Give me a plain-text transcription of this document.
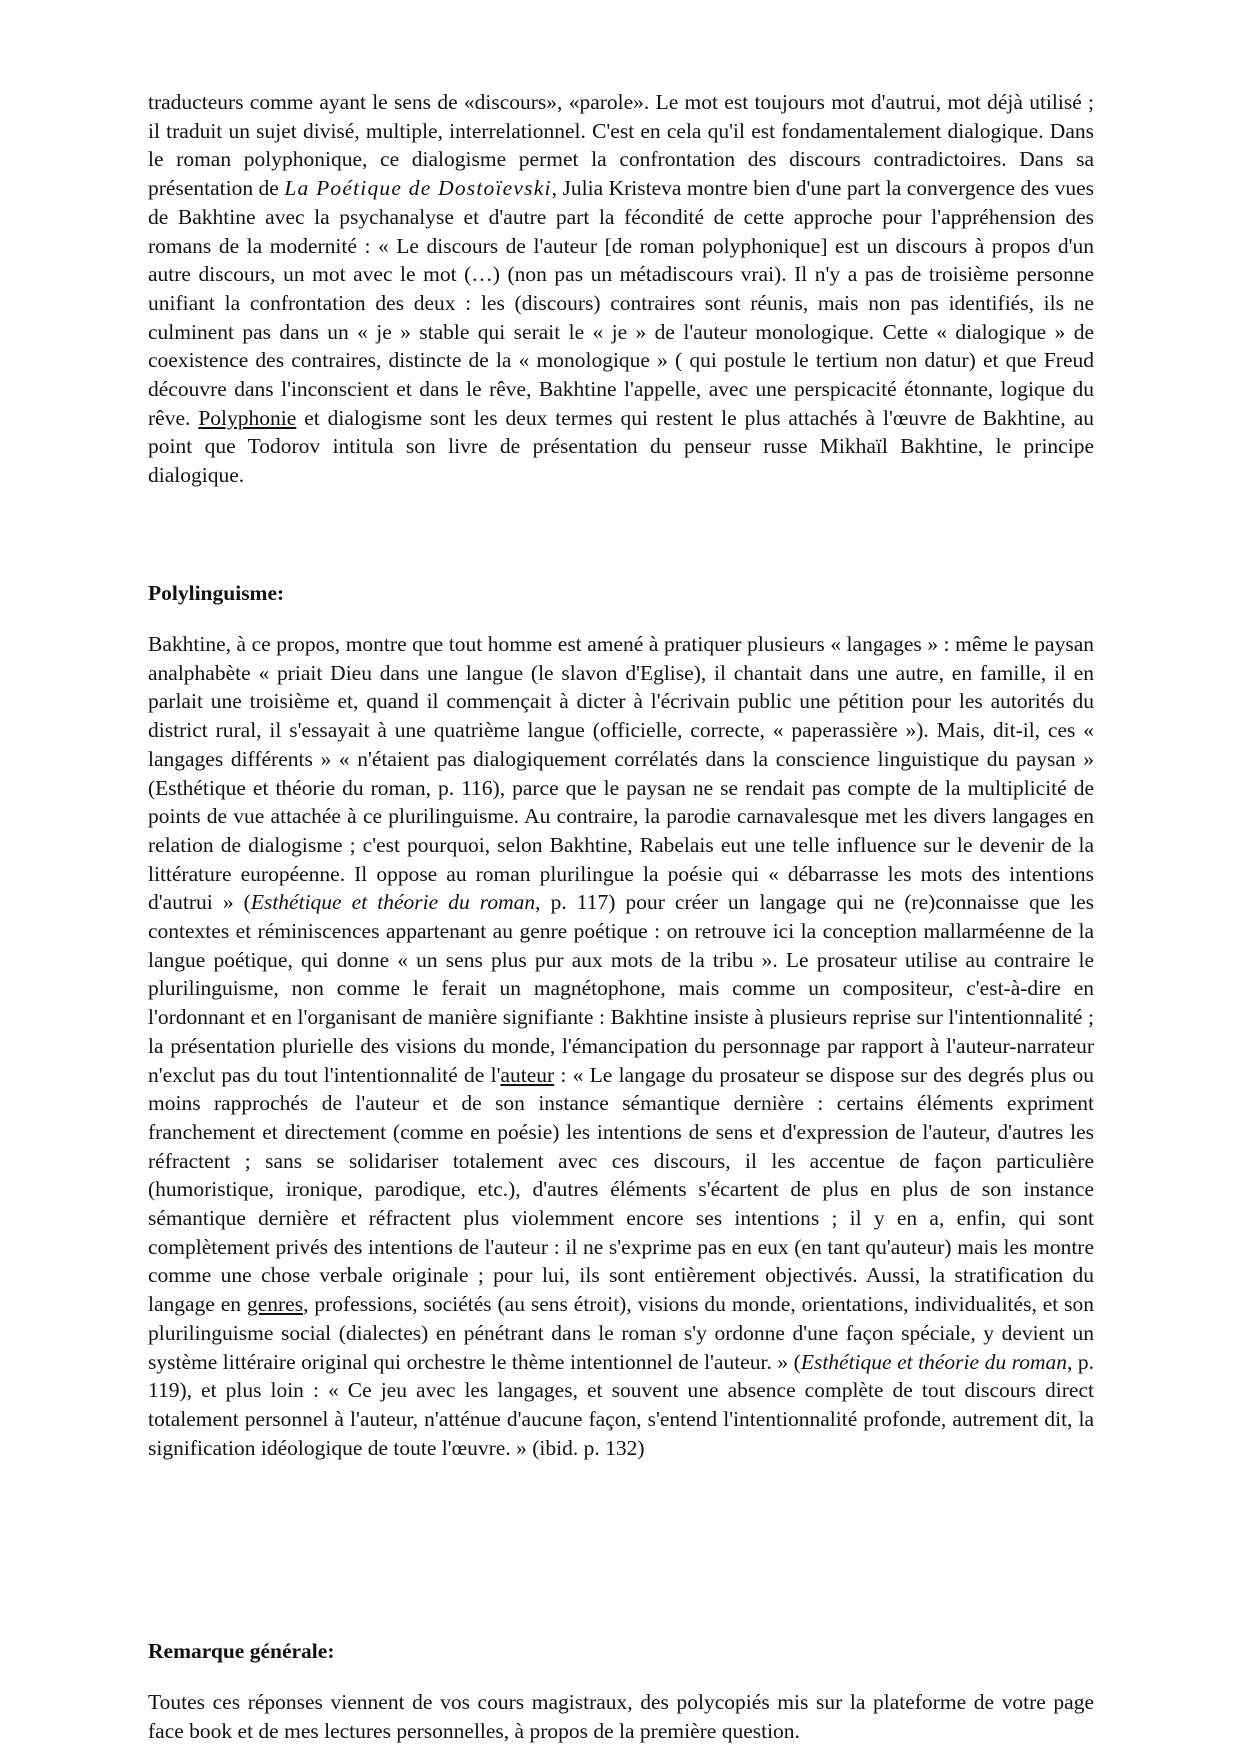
traducteurs comme ayant le sens de «discours», «parole». Le mot est toujours mot d'autrui, mot déjà utilisé ; il traduit un sujet divisé, multiple, interrelationnel. C'est en cela qu'il est fondamentalement dialogique. Dans le roman polyphonique, ce dialogisme permet la confrontation des discours contradictoires. Dans sa présentation de La Poétique de Dostoïevski, Julia Kristeva montre bien d'une part la convergence des vues de Bakhtine avec la psychanalyse et d'autre part la fécondité de cette approche pour l'appréhension des romans de la modernité : « Le discours de l'auteur [de roman polyphonique] est un discours à propos d'un autre discours, un mot avec le mot (…) (non pas un métadiscours vrai). Il n'y a pas de troisième personne unifiant la confrontation des deux : les (discours) contraires sont réunis, mais non pas identifiés, ils ne culminent pas dans un « je » stable qui serait le « je » de l'auteur monologique. Cette « dialogique » de coexistence des contraires, distincte de la « monologique » ( qui postule le tertium non datur) et que Freud découvre dans l'inconscient et dans le rêve, Bakhtine l'appelle, avec une perspicacité étonnante, logique du rêve. Polyphonie et dialogisme sont les deux termes qui restent le plus attachés à l'œuvre de Bakhtine, au point que Todorov intitula son livre de présentation du penseur russe Mikhaïl Bakhtine, le principe dialogique.

Polylinguisme:

Bakhtine, à ce propos, montre que tout homme est amené à pratiquer plusieurs « langages » : même le paysan analphabète « priait Dieu dans une langue (le slavon d'Eglise), il chantait dans une autre, en famille, il en parlait une troisième et, quand il commençait à dicter à l'écrivain public une pétition pour les autorités du district rural, il s'essayait à une quatrième langue (officielle, correcte, « paperassière »). Mais, dit-il, ces « langages différents » « n'étaient pas dialogiquement corrélatés dans la conscience linguistique du paysan » (Esthétique et théorie du roman, p. 116), parce que le paysan ne se rendait pas compte de la multiplicité de points de vue attachée à ce plurilinguisme. Au contraire, la parodie carnavalesque met les divers langages en relation de dialogisme ; c'est pourquoi, selon Bakhtine, Rabelais eut une telle influence sur le devenir de la littérature européenne. Il oppose au roman plurilingue la poésie qui « débarrasse les mots des intentions d'autrui » (Esthétique et théorie du roman, p. 117) pour créer un langage qui ne (re)connaisse que les contextes et réminiscences appartenant au genre poétique : on retrouve ici la conception mallarméenne de la langue poétique, qui donne « un sens plus pur aux mots de la tribu ». Le prosateur utilise au contraire le plurilinguisme, non comme le ferait un magnétophone, mais comme un compositeur, c'est-à-dire en l'ordonnant et en l'organisant de manière signifiante : Bakhtine insiste à plusieurs reprise sur l'intentionnalité ; la présentation plurielle des visions du monde, l'émancipation du personnage par rapport à l'auteur-narrateur n'exclut pas du tout l'intentionnalité de l'auteur : « Le langage du prosateur se dispose sur des degrés plus ou moins rapprochés de l'auteur et de son instance sémantique dernière : certains éléments expriment franchement et directement (comme en poésie) les intentions de sens et d'expression de l'auteur, d'autres les réfractent ; sans se solidariser totalement avec ces discours, il les accentue de façon particulière (humoristique, ironique, parodique, etc.), d'autres éléments s'écartent de plus en plus de son instance sémantique dernière et réfractent plus violemment encore ses intentions ; il y en a, enfin, qui sont complètement privés des intentions de l'auteur : il ne s'exprime pas en eux (en tant qu'auteur) mais les montre comme une chose verbale originale ; pour lui, ils sont entièrement objectivés. Aussi, la stratification du langage en genres, professions, sociétés (au sens étroit), visions du monde, orientations, individualités, et son plurilinguisme social (dialectes) en pénétrant dans le roman s'y ordonne d'une façon spéciale, y devient un système littéraire original qui orchestre le thème intentionnel de l'auteur. » (Esthétique et théorie du roman, p. 119), et plus loin : « Ce jeu avec les langages, et souvent une absence complète de tout discours direct totalement personnel à l'auteur, n'atténue d'aucune façon, s'entend l'intentionnalité profonde, autrement dit, la signification idéologique de toute l'œuvre. » (ibid. p. 132)

Remarque générale:

Toutes ces réponses viennent de vos cours magistraux, des polycopiés mis sur la plateforme de votre page face book et de mes lectures personnelles, à propos de la première question.
